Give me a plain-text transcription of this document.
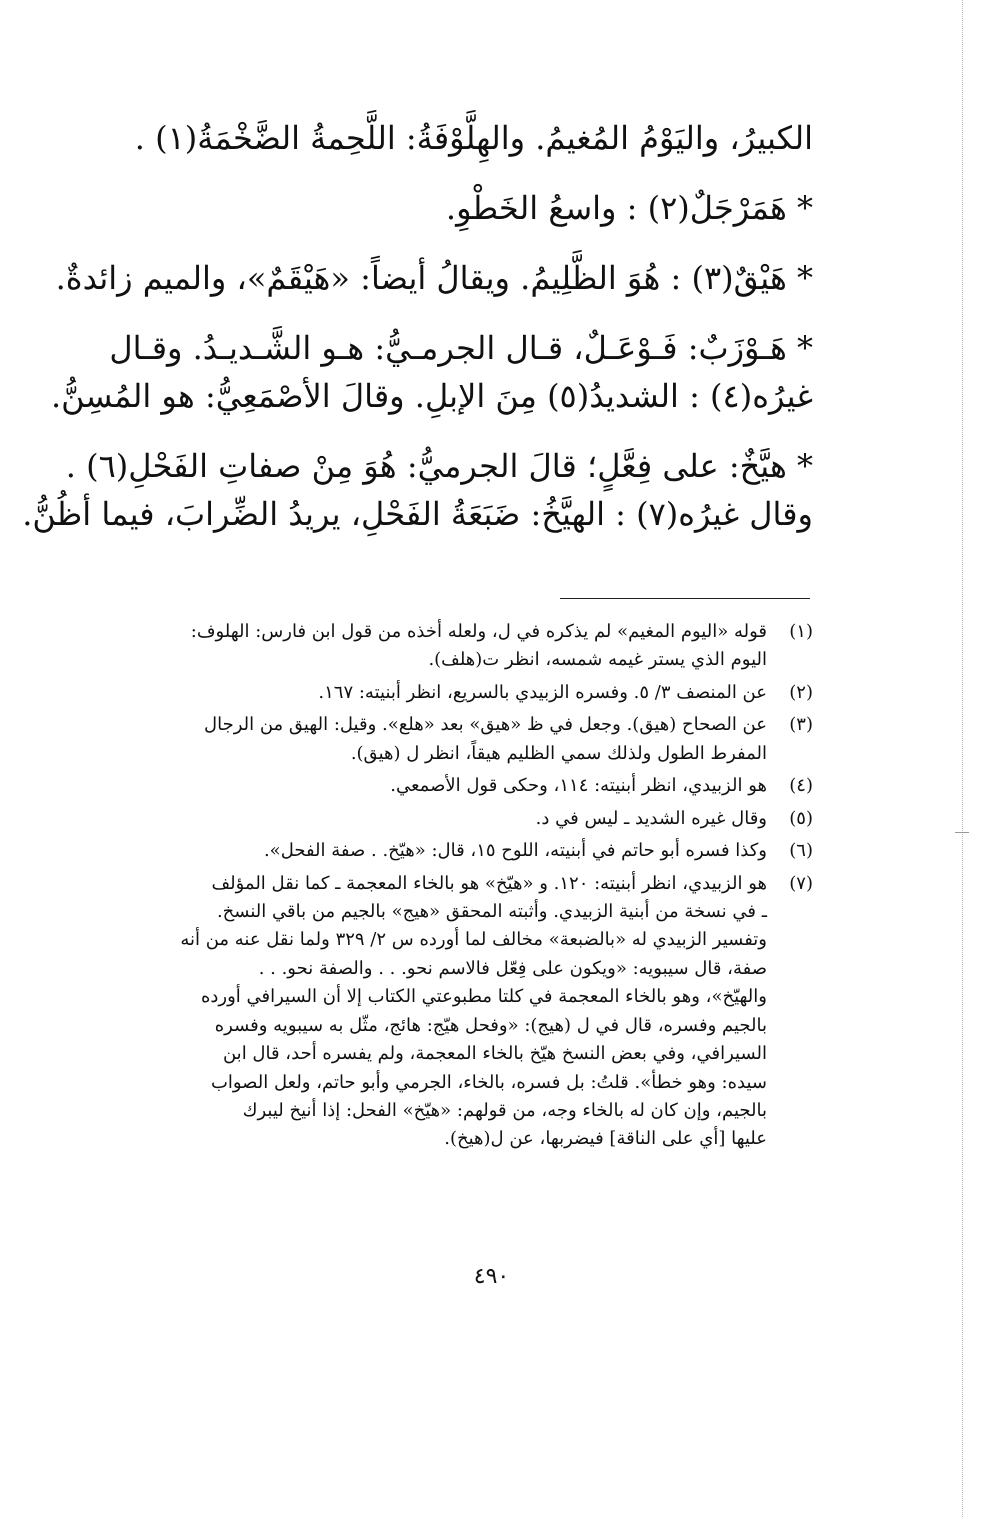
الكبيرُ، واليَوْمُ المُغيمُ. والهِلَّوْفَةُ: اللَّحِمةُ الضَّخْمَةُ(١) .

* هَمَرْجَلٌ(٢) : واسعُ الخَطْوِ.

* هَيْقٌ(٣) : هُوَ الظَّلِيمُ. ويقالُ أيضاً: «هَيْقَمٌ»، والميم زائدةٌ.

* هَـوْزَبٌ: فَـوْعَـلٌ، قـال الجرمـيُّ: هـو الشَّـديـدُ. وقـال

غيرُه(٤) : الشديدُ(٥) مِنَ الإبلِ. وقالَ الأصْمَعِيُّ: هو المُسِنُّ.

* هيَّخٌ: على فِعَّلٍ؛ قالَ الجرميُّ: هُوَ مِنْ صفاتِ الفَحْلِ(٦) .

وقال غيرُه(٧) : الهيَّخُ: ضَبَعَةُ الفَحْلِ، يريدُ الضِّرابَ، فيما أظُنُّ.

(١)
قوله «اليوم المغيم» لم يذكره في ل، ولعله أخذه من قول ابن فارس: الهلوف:
اليوم الذي يستر غيمه شمسه، انظر ت(هلف).
(٢)
عن المنصف ٣/ ٥. وفسره الزبيدي بالسريع، انظر أبنيته: ١٦٧.
(٣)
عن الصحاح (هيق). وجعل في ظ «هيق» بعد «هلع». وقيل: الهيق من الرجال
المفرط الطول ولذلك سمي الظليم هيقاً، انظر ل (هيق).
(٤)
هو الزبيدي، انظر أبنيته: ١١٤، وحكى قول الأصمعي.
(٥)
وقال غيره الشديد ـ ليس في د.
(٦)
وكذا فسره أبو حاتم في أبنيته، اللوح ١٥، قال: «هيّخ. . صفة الفحل».
(٧)
هو الزبيدي، انظر أبنيته: ١٢٠. و «هيّخ» هو بالخاء المعجمة ـ كما نقل المؤلف
ـ في نسخة من أبنية الزبيدي. وأثبته المحقق «هيج» بالجيم من باقي النسخ.
وتفسير الزبيدي له «بالضبعة» مخالف لما أورده س ٢/ ٣٢٩ ولما نقل عنه من أنه
صفة، قال سيبويه: «ويكون على فِعّل فالاسم نحو. . . والصفة نحو. . .
والهيّخ»، وهو بالخاء المعجمة في كلتا مطبوعتي الكتاب إلا أن السيرافي أورده
بالجيم وفسره، قال في ل (هيج): «وفحل هيّج: هائج، مثّل به سيبويه وفسره
السيرافي، وفي بعض النسخ هيّخ بالخاء المعجمة، ولم يفسره أحد، قال ابن
سيده: وهو خطأ». قلتُ: بل فسره، بالخاء، الجرمي وأبو حاتم، ولعل الصواب
بالجيم، وإن كان له بالخاء وجه، من قولهم: «هيّخ» الفحل: إذا أنيخ ليبرك
عليها [أي على الناقة] فيضربها، عن ل(هيخ).
٤٩٠
